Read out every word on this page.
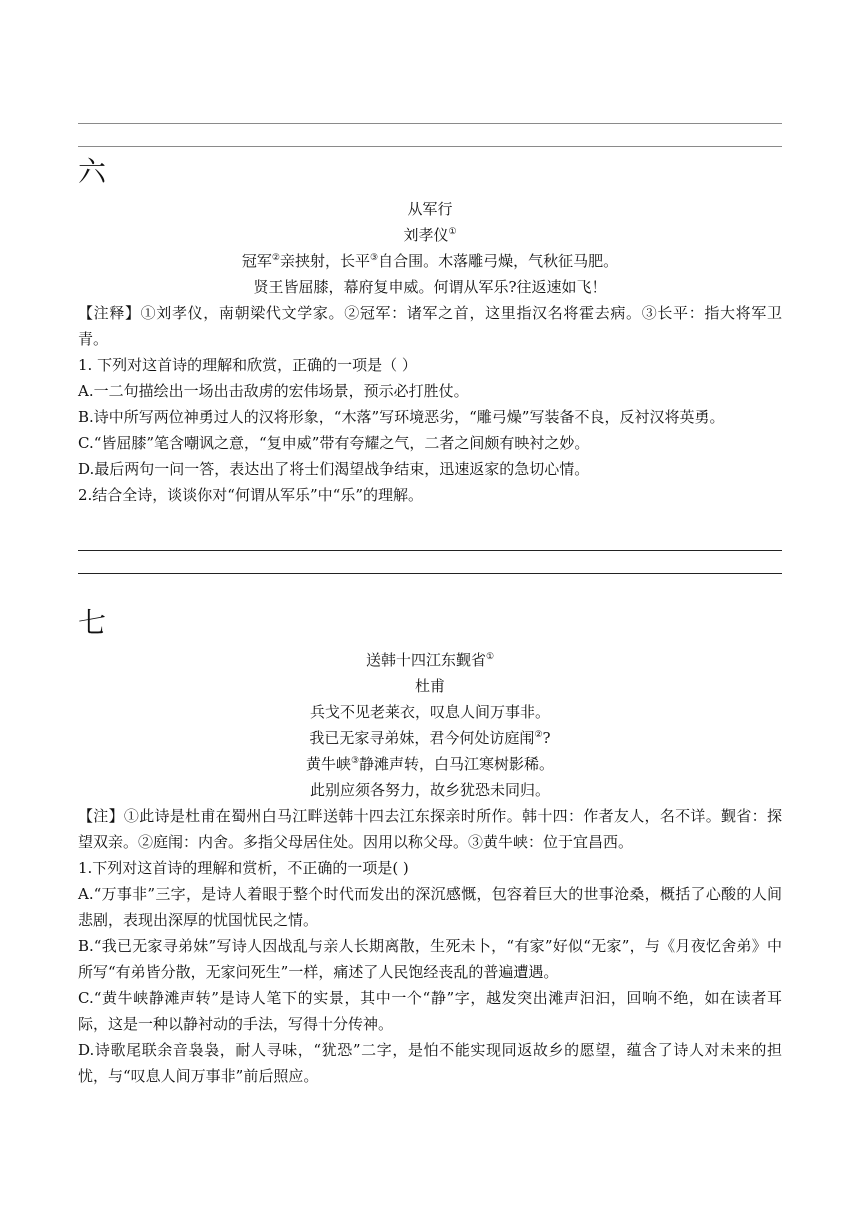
六
从军行
刘孝仪①
冠军②亲挟射，长平③自合围。木落雕弓燥，气秋征马肥。
贤王皆屈膝，幕府复申威。何谓从军乐?往返速如飞！
【注释】①刘孝仪，南朝梁代文学家。②冠军：诸军之首，这里指汉名将霍去病。③长平：指大将军卫青。
1. 下列对这首诗的理解和欣赏，正确的一项是（ ）
A.一二句描绘出一场出击敌虏的宏伟场景，预示必打胜仗。
B.诗中所写两位神勇过人的汉将形象，“木落”写环境恶劣，“雕弓燥”写装备不良，反衬汉将英勇。
C.“皆屈膝”笔含嘲讽之意，“复申威”带有夸耀之气，二者之间颇有映衬之妙。
D.最后两句一问一答，表达出了将士们渴望战争结束，迅速返家的急切心情。
2.结合全诗，谈谈你对“何谓从军乐”中“乐”的理解。
七
送韩十四江东觐省①
杜甫
兵戈不见老莱衣，叹息人间万事非。
我已无家寻弟妹，君今何处访庭闱②?
黄牛峡③静滩声转，白马江寒树影稀。
此别应须各努力，故乡犹恐未同归。
【注】①此诗是杜甫在蜀州白马江畔送韩十四去江东探亲时所作。韩十四：作者友人，名不详。觐省：探望双亲。②庭闱：内舍。多指父母居住处。因用以称父母。③黄牛峡：位于宜昌西。
1.下列对这首诗的理解和赏析，不正确的一项是( )
A.“万事非”三字，是诗人着眼于整个时代而发出的深沉感慨，包容着巨大的世事沧桑，概括了心酸的人间悲剧，表现出深厚的忧国忧民之情。
B.“我已无家寻弟妹”写诗人因战乱与亲人长期离散，生死未卜，“有家”好似“无家”，与《月夜忆舍弟》中所写“有弟皆分散，无家问死生”一样，痛述了人民饱经丧乱的普遍遭遇。
C.“黄牛峡静滩声转”是诗人笔下的实景，其中一个“静”字，越发突出滩声汩汩，回响不绝，如在读者耳际，这是一种以静衬动的手法，写得十分传神。
D.诗歌尾联余音袅袅，耐人寻味，“犹恐”二字，是怕不能实现同返故乡的愿望，蕴含了诗人对未来的担忧，与“叹息人间万事非”前后照应。
